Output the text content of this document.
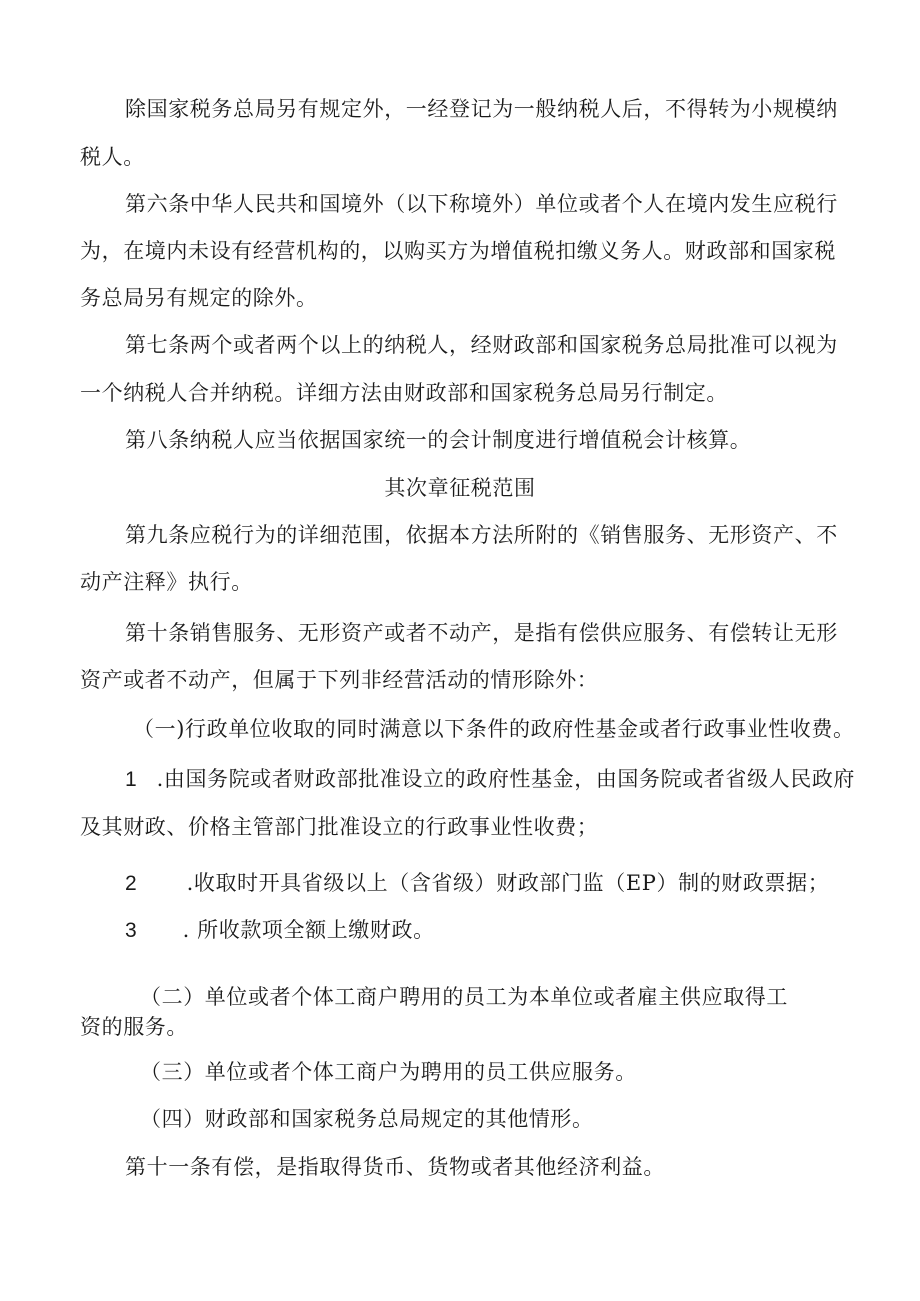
除国家税务总局另有规定外，一经登记为一般纳税人后，不得转为小规模纳
税人。
第六条中华人民共和国境外（以下称境外）单位或者个人在境内发生应税行
为，在境内未设有经营机构的，以购买方为增值税扣缴义务人。财政部和国家税
务总局另有规定的除外。
第七条两个或者两个以上的纳税人，经财政部和国家税务总局批准可以视为
一个纳税人合并纳税。详细方法由财政部和国家税务总局另行制定。
第八条纳税人应当依据国家统一的会计制度进行增值税会计核算。
其次章征税范围
第九条应税行为的详细范围，依据本方法所附的《销售服务、无形资产、不
动产注释》执行。
第十条销售服务、无形资产或者不动产，是指有偿供应服务、有偿转让无形
资产或者不动产，但属于下列非经营活动的情形除外：
（一)行政单位收取的同时满意以下条件的政府性基金或者行政事业性收费。
1 .由国务院或者财政部批准设立的政府性基金，由国务院或者省级人民政府
及其财政、价格主管部门批准设立的行政事业性收费；
2 .收取时开具省级以上（含省级）财政部门监（EP）制的财政票据；
3 . 所收款项全额上缴财政。
（二）单位或者个体工商户聘用的员工为本单位或者雇主供应取得工
资的服务。
（三）单位或者个体工商户为聘用的员工供应服务。
（四）财政部和国家税务总局规定的其他情形。
第十一条有偿，是指取得货币、货物或者其他经济利益。
